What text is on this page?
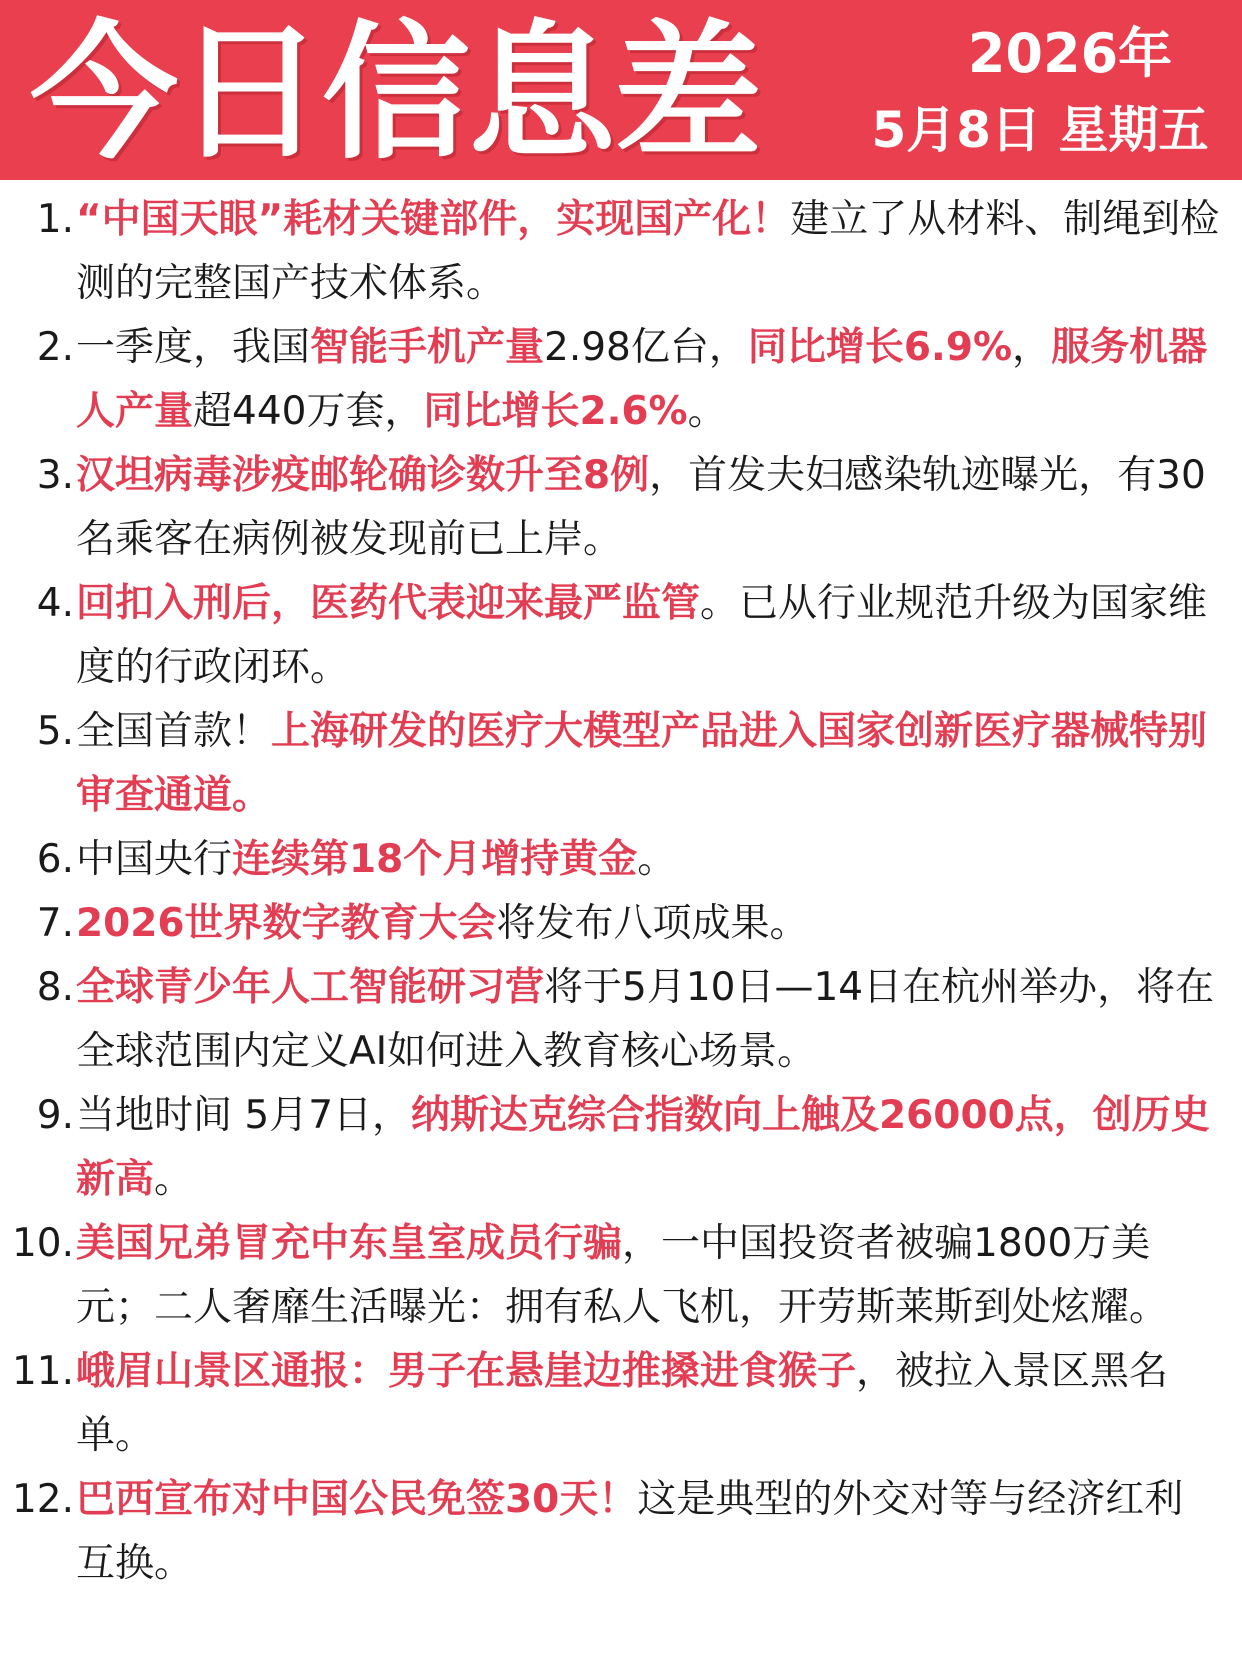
今日信息差	2026年
5月8日 星期五
1. “中国天眼”耗材关键部件，实现国产化！建立了从材料、制绳到检测的完整国产技术体系。
2. 一季度，我国智能手机产量2.98亿台，同比增长6.9%，服务机器人产量超440万套，同比增长2.6%。
3. 汉坦病毒涉疫邮轮确诊数升至8例，首发夫妇感染轨迹曝光，有30名乘客在病例被发现前已上岸。
4. 回扣入刑后，医药代表迎来最严监管。已从行业规范升级为国家维度的行政闭环。
5. 全国首款！上海研发的医疗大模型产品进入国家创新医疗器械特别审查通道。
6. 中国央行连续第18个月增持黄金。
7. 2026世界数字教育大会将发布八项成果。
8. 全球青少年人工智能研习营将于5月10日—14日在杭州举办，将在全球范围内定义AI如何进入教育核心场景。
9. 当地时间 5月7日，纳斯达克综合指数向上触及26000点，创历史新高。
10. 美国兄弟冒充中东皇室成员行骗，一中国投资者被骗1800万美元；二人奢靡生活曝光：拥有私人飞机，开劳斯莱斯到处炫耀。
11. 峨眉山景区通报：男子在悬崖边推搡进食猴子，被拉入景区黑名单。
12. 巴西宣布对中国公民免签30天！这是典型的外交对等与经济红利互换。
